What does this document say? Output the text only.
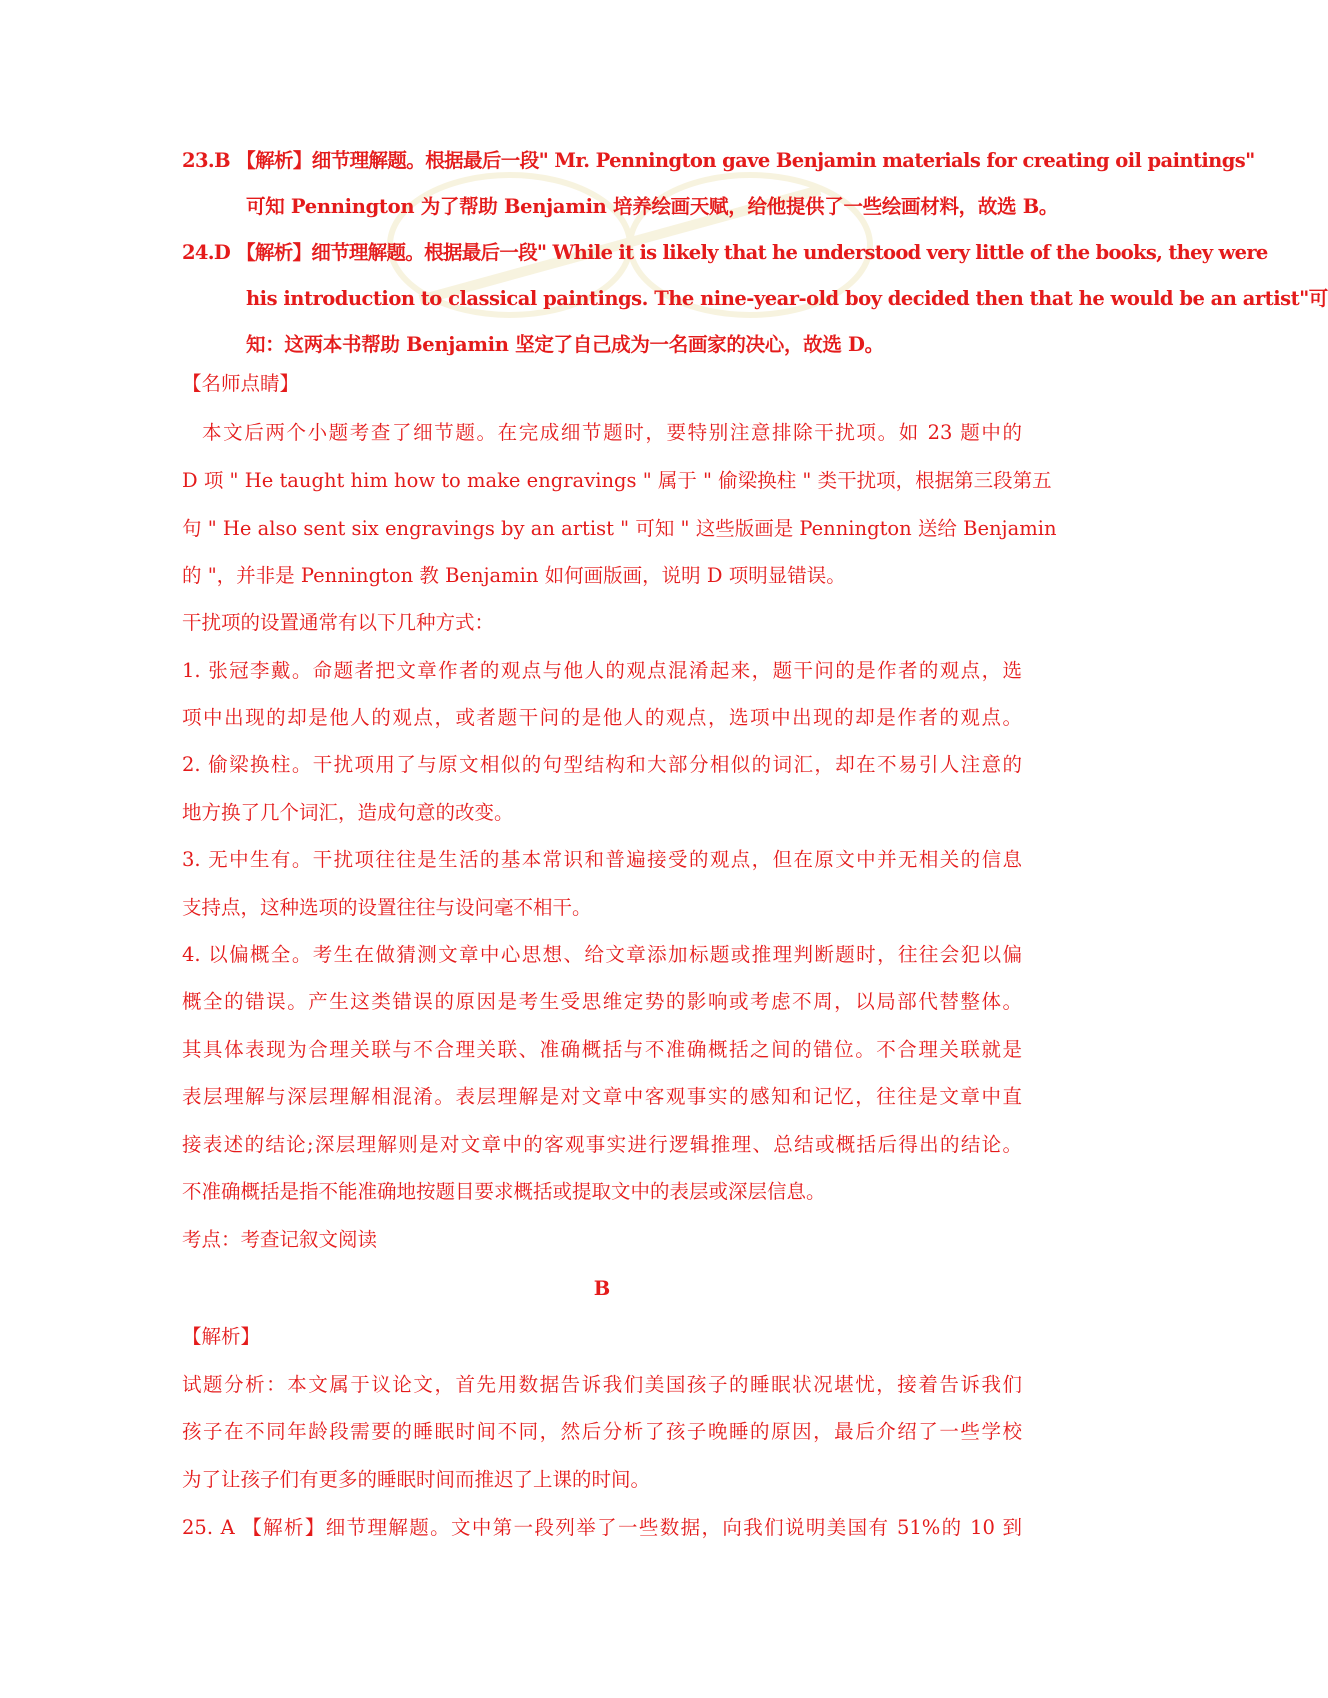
23.B 【解析】细节理解题。根据最后一段" Mr. Pennington gave Benjamin materials for creating oil paintings"
可知 Pennington 为了帮助 Benjamin 培养绘画天赋，给他提供了一些绘画材料，故选 B。
24.D 【解析】细节理解题。根据最后一段" While it is likely that he understood very little of the books, they were
his introduction to classical paintings. The nine-year-old boy decided then that he would be an artist"可
知：这两本书帮助 Benjamin 坚定了自己成为一名画家的决心，故选 D。
【名师点睛】
本文后两个小题考查了细节题。在完成细节题时，要特别注意排除干扰项。如 23 题中的
D 项 " He taught him how to make engravings " 属于 " 偷梁换柱 " 类干扰项，根据第三段第五
句 " He also sent six engravings by an artist " 可知 " 这些版画是 Pennington 送给 Benjamin
的 "，并非是 Pennington 教 Benjamin 如何画版画，说明 D 项明显错误。
干扰项的设置通常有以下几种方式：
1. 张冠李戴。命题者把文章作者的观点与他人的观点混淆起来，题干问的是作者的观点，选
项中出现的却是他人的观点，或者题干问的是他人的观点，选项中出现的却是作者的观点。
2. 偷梁换柱。干扰项用了与原文相似的句型结构和大部分相似的词汇，却在不易引人注意的
地方换了几个词汇，造成句意的改变。
3. 无中生有。干扰项往往是生活的基本常识和普遍接受的观点，但在原文中并无相关的信息
支持点，这种选项的设置往往与设问毫不相干。
4. 以偏概全。考生在做猜测文章中心思想、给文章添加标题或推理判断题时，往往会犯以偏
概全的错误。产生这类错误的原因是考生受思维定势的影响或考虑不周，以局部代替整体。
其具体表现为合理关联与不合理关联、准确概括与不准确概括之间的错位。不合理关联就是
表层理解与深层理解相混淆。表层理解是对文章中客观事实的感知和记忆，往往是文章中直
接表述的结论;深层理解则是对文章中的客观事实进行逻辑推理、总结或概括后得出的结论。
不准确概括是指不能准确地按题目要求概括或提取文中的表层或深层信息。
考点：考查记叙文阅读
B
【解析】
试题分析：本文属于议论文，首先用数据告诉我们美国孩子的睡眠状况堪忧，接着告诉我们
孩子在不同年龄段需要的睡眠时间不同，然后分析了孩子晚睡的原因，最后介绍了一些学校
为了让孩子们有更多的睡眠时间而推迟了上课的时间。
25. A 【解析】细节理解题。文中第一段列举了一些数据，向我们说明美国有 51%的 10 到
